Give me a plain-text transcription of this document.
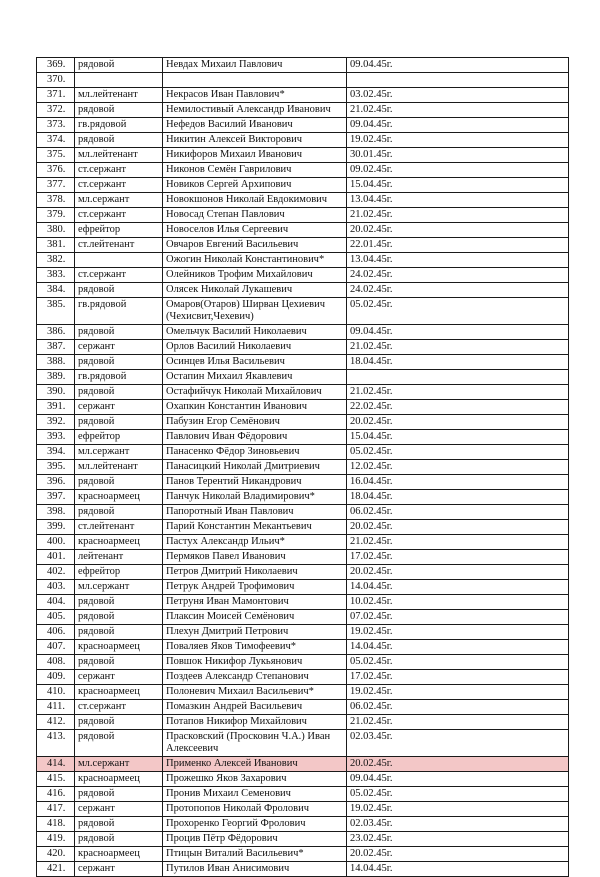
369.	рядовой	Невдах Михаил Павлович	09.04.45г.
370.			
371.	мл.лейтенант	Некрасов Иван Павлович*	03.02.45г.
372.	рядовой	Немилостивый Александр Иванович	21.02.45г.
373.	гв.рядовой	Нефедов Василий Иванович	09.04.45г.
374.	рядовой	Никитин Алексей Викторович	19.02.45г.
375.	мл.лейтенант	Никифоров Михаил Иванович	30.01.45г.
376.	ст.сержант	Никонов Семён Гаврилович	09.02.45г.
377.	ст.сержант	Новиков Сергей Архипович	15.04.45г.
378.	мл.сержант	Новокшонов Николай Евдокимович	13.04.45г.
379.	ст.сержант	Новосад Степан Павлович	21.02.45г.
380.	ефрейтор	Новоселов Илья Сергеевич	20.02.45г.
381.	ст.лейтенант	Овчаров Евгений Васильевич	22.01.45г.
382.		Ожогин Николай Константинович*	13.04.45г.
383.	ст.сержант	Олейников Трофим Михайлович	24.02.45г.
384.	рядовой	Олясек Николай Лукашевич	24.02.45г.
385.	гв.рядовой	Омаров(Отаров) Ширван Цехиевич (Чехисвит,Чехевич)	05.02.45г.
386.	рядовой	Омельчук Василий Николаевич	09.04.45г.
387.	сержант	Орлов Василий Николаевич	21.02.45г.
388.	рядовой	Осинцев Илья Васильевич	18.04.45г.
389.	гв.рядовой	Остапин Михаил Якавлевич	
390.	рядовой	Остафийчук Николай Михайлович	21.02.45г.
391.	сержант	Охапкин Константин Иванович	22.02.45г.
392.	рядовой	Пабузин Егор Семёнович	20.02.45г.
393.	ефрейтор	Павлович Иван Фёдорович	15.04.45г.
394.	мл.сержант	Панасенко Фёдор Зиновьевич	05.02.45г.
395.	мл.лейтенант	Панасицкий Николай Дмитриевич	12.02.45г.
396.	рядовой	Панов Терентий Никандрович	16.04.45г.
397.	красноармеец	Панчук Николай Владимирович*	18.04.45г.
398.	рядовой	Папоротный Иван Павлович	06.02.45г.
399.	ст.лейтенант	Парий Константин Мекантьевич	20.02.45г.
400.	красноармеец	Пастух Александр Ильич*	21.02.45г.
401.	лейтенант	Пермяков Павел Иванович	17.02.45г.
402.	ефрейтор	Петров Дмитрий Николаевич	20.02.45г.
403.	мл.сержант	Петрук Андрей Трофимович	14.04.45г.
404.	рядовой	Петруня Иван Мамонтович	10.02.45г.
405.	рядовой	Плаксин Моисей Семёнович	07.02.45г.
406.	рядовой	Плехун Дмитрий Петрович	19.02.45г.
407.	красноармеец	Поваляев Яков Тимофеевич*	14.04.45г.
408.	рядовой	Повшок Никифор Лукьянович	05.02.45г.
409.	сержант	Поздеев Александр Степанович	17.02.45г.
410.	красноармеец	Полоневич Михаил Васильевич*	19.02.45г.
411.	ст.сержант	Помазкин Андрей Васильевич	06.02.45г.
412.	рядовой	Потапов Никифор Михайлович	21.02.45г.
413.	рядовой	Прасковский (Просковин Ч.А.) Иван Алексеевич	02.03.45г.
414.	мл.сержант	Применко Алексей Иванович	20.02.45г.
415.	красноармеец	Прожешко Яков Захарович	09.04.45г.
416.	рядовой	Пронив Михаил Семенович	05.02.45г.
417.	сержант	Протопопов Николай Фролович	19.02.45г.
418.	рядовой	Прохоренко Георгий Фролович	02.03.45г.
419.	рядовой	Процив Пётр Фёдорович	23.02.45г.
420.	красноармеец	Птицын Виталий Васильевич*	20.02.45г.
421.	сержант	Путилов Иван Анисимович	14.04.45г.
